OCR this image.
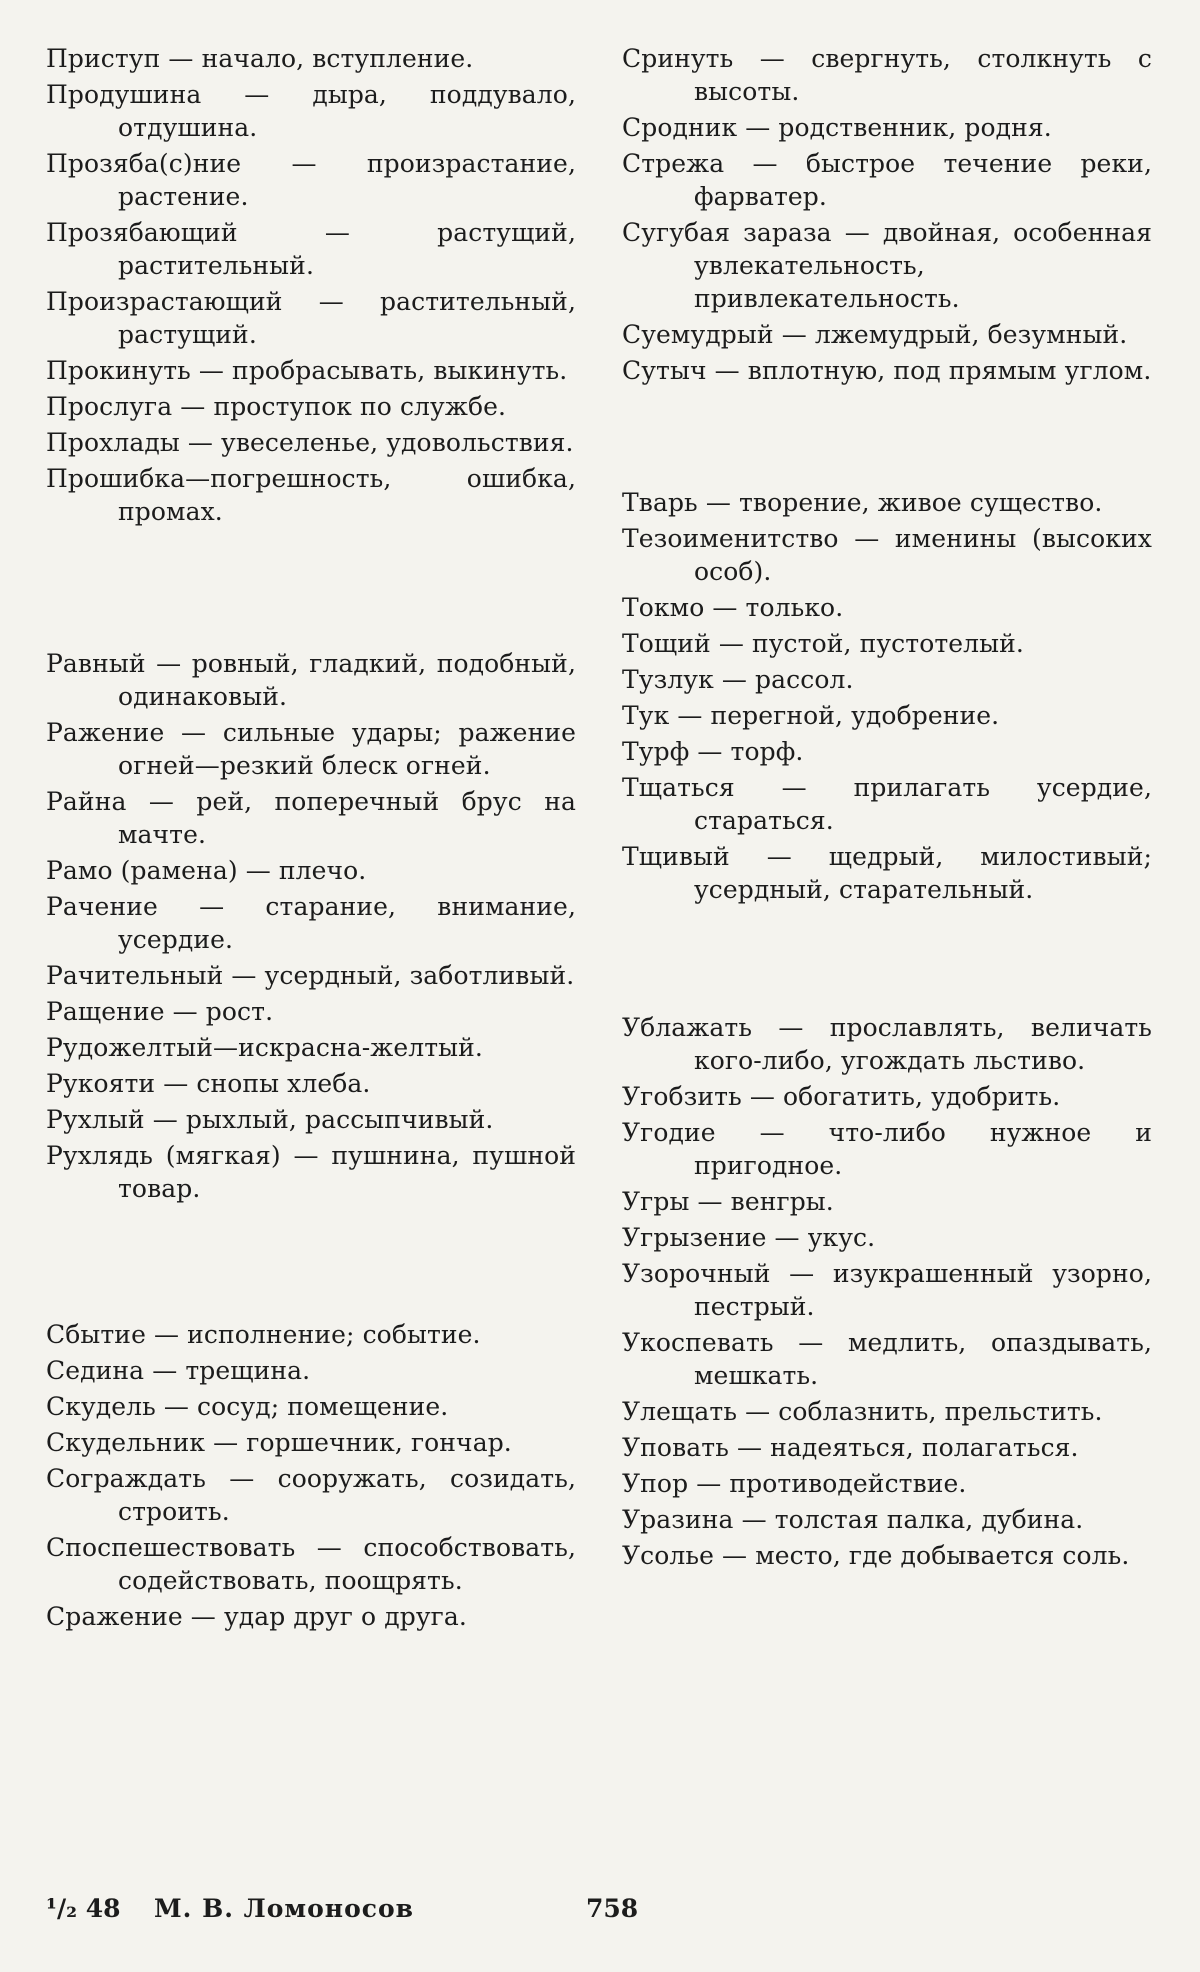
Приступ — начало, вступление.

Продушина — дыра, поддувало, отдушина.

Прозяба(с)ние — произрастание, растение.

Прозябающий — растущий, растительный.

Произрастающий — растительный, растущий.

Прокинуть — пробрасывать, выкинуть.

Прослуга — проступок по службе.

Прохлады — увеселенье, удовольствия.

Прошибка—погрешность, ошибка, промах.

Равный — ровный, гладкий, подобный, одинаковый.

Ражение — сильные удары; ражение огней—резкий блеск огней.

Райна — рей, поперечный брус на мачте.

Рамо (рамена) — плечо.

Рачение — старание, внимание, усердие.

Рачительный — усердный, заботливый.

Ращение — рост.

Рудожелтый—искрасна-желтый.

Рукояти — снопы хлеба.

Рухлый — рыхлый, рассыпчивый.

Рухлядь (мягкая) — пушнина, пушной товар.

Сбытие — исполнение; событие.

Седина — трещина.

Скудель — сосуд; помещение.

Скудельник — горшечник, гончар.

Сограждать — сооружать, созидать, строить.

Споспешествовать — способствовать, содействовать, поощрять.

Сражение — удар друг о друга.

Сринуть — свергнуть, столкнуть с высоты.

Сродник — родственник, родня.

Стрежа — быстрое течение реки, фарватер.

Сугубая зараза — двойная, особенная увлекательность, привлекательность.

Суемудрый — лжемудрый, безумный.

Сутыч — вплотную, под прямым углом.

Тварь — творение, живое существо.

Тезоименитство — именины (высоких особ).

Токмо — только.

Тощий — пустой, пустотелый.

Тузлук — рассол.

Тук — перегной, удобрение.

Турф — торф.

Тщаться — прилагать усердие, стараться.

Тщивый — щедрый, милостивый; усердный, старательный.

Ублажать — прославлять, величать кого-либо, угождать льстиво.

Угобзить — обогатить, удобрить.

Угодие — что-либо нужное и пригодное.

Угры — венгры.

Угрызение — укус.

Узорочный — изукрашенный узорно, пестрый.

Укоспевать — медлить, опаздывать, мешкать.

Улещать — соблазнить, прельстить.

Уповать — надеяться, полагаться.

Упор — противодействие.

Уразина — толстая палка, дубина.

Усолье — место, где добывается соль.

¹/₂ 48 М. В. Ломоносов	758
